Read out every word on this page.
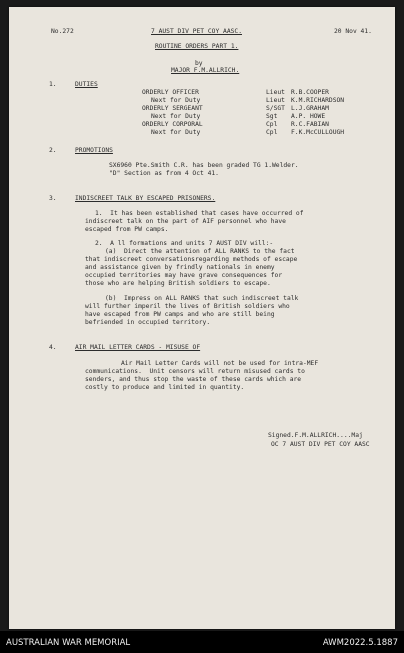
No.272	7 AUST DIV PET COY AASC.	20 Nov 41.
ROUTINE ORDERS PART 1.
by
MAJOR F.M.ALLRICH.
1.	DUTIES
ORDERLY OFFICER	Lieut R.B.COOPER
Next for Duty	Lieut K.M.RICHARDSON
ORDERLY SERGEANT	S/SGT L.J.GRAHAM
Next for Duty	Sgt A.P. HOWE
ORDERLY CORPORAL	Cpl R.C.FABIAN
Next for Duty	Cpl F.K.McCULLOUGH
2.	PROMOTIONS
SX6960 Pte.Smith C.R. has been graded TG 1.Welder.
"D" Section as from 4 Oct 41.
3.	INDISCREET TALK BY ESCAPED PRISONERS.
1.  It has been established that cases have occurred of
indiscreet talk on the part of AIF personnel who have
escaped from PW camps.
2.  A ll formations and units 7 AUST DIV will:-
(a)  Direct the attention of ALL RANKS to the fact
that indiscreet conversationsregarding methods of escape
and assistance given by frindly nationals in enemy
occupied territories may have grave consequences for
those who are helping British soldiers to escape.
(b)  Impress on ALL RANKS that such indiscreet talk
will further imperil the lives of British soldiers who
have escaped from PW camps and who are still being
befriended in occupied territory.
4.	AIR MAIL LETTER CARDS - MISUSE OF
Air Mail Letter Cards will not be used for intra-MEF
communications.  Unit censors will return misused cards to
senders, and thus stop the waste of these cards which are
costly to produce and limited in quantity.
Signed.F.M.ALLRICH....Maj
OC 7 AUST DIV PET COY AASC
AUSTRALIAN WAR MEMORIAL	AWM2022.5.1887
